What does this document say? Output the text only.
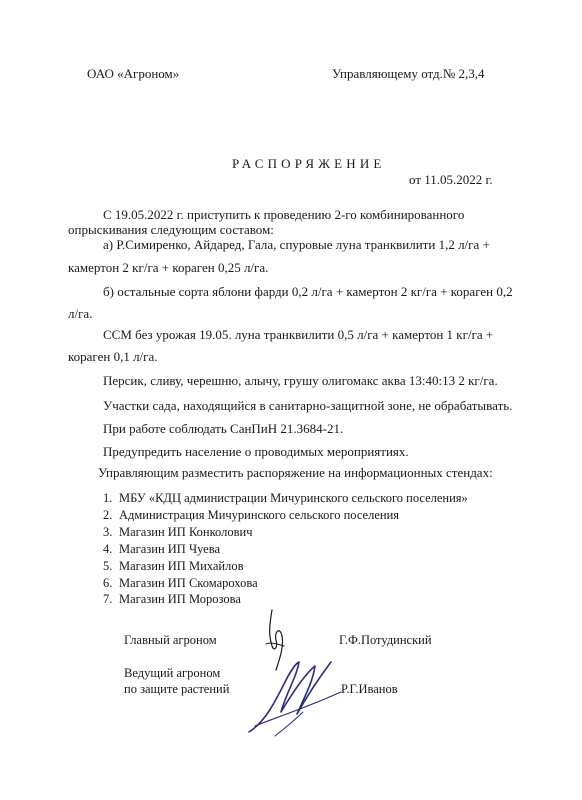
ОАО «Агроном»	Управляющему отд.№ 2,3,4
РАСПОРЯЖЕНИЕ
от 11.05.2022 г.
С 19.05.2022 г. приступить к проведению 2-го комбинированного
опрыскивания следующим составом:
а) Р.Симиренко, Айдаред, Гала, спуровые луна транквилити 1,2 л/га +
камертон 2 кг/га + кораген 0,25 л/га.
б) остальные сорта яблони фарди 0,2 л/га + камертон 2 кг/га + кораген 0,2
л/га.
ССМ без урожая 19.05. луна транквилити 0,5 л/га + камертон 1 кг/га +
кораген 0,1 л/га.
Персик, сливу, черешню, алычу, грушу олигомакс аква 13:40:13 2 кг/га.
Участки сада, находящийся в санитарно-защитной зоне, не обрабатывать.
При работе соблюдать СанПиН 21.3684-21.
Предупредить население о проводимых мероприятиях.
Управляющим разместить распоряжение на информационных стендах:
1. МБУ «КДЦ администрации Мичуринского сельского поселения»
2. Администрация Мичуринского сельского поселения
3. Магазин ИП Конколович
4. Магазин ИП Чуева
5. Магазин ИП Михайлов
6. Магазин ИП Скомарохова
7. Магазин ИП Морозова
Главный агроном	Г.Ф.Потудинский
Ведущий агроном
по защите растений	Р.Г.Иванов
